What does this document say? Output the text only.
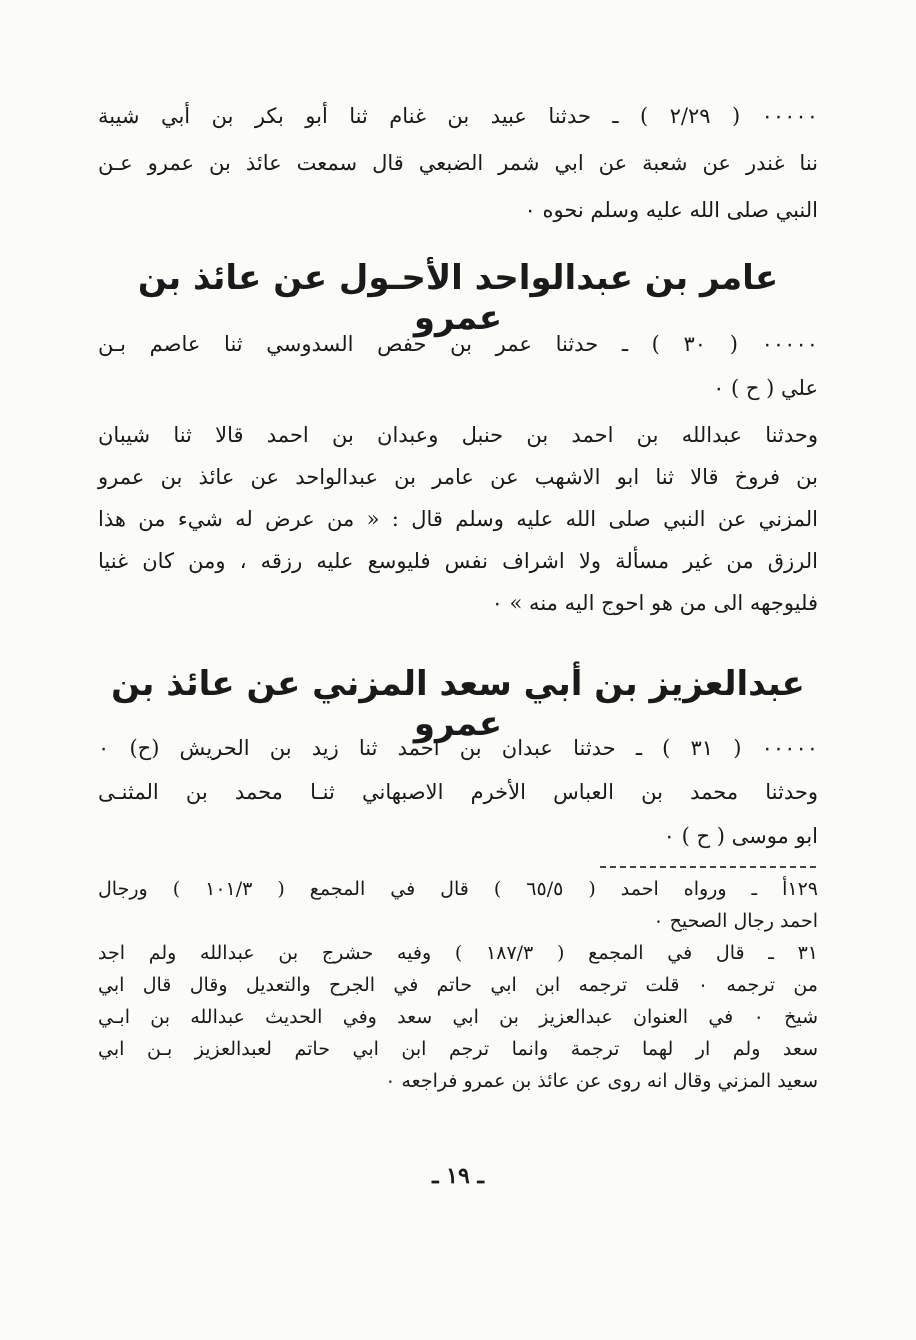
٠٠٠٠٠ ( ٢/٢٩ ) ـ حدثنا عبيد بن غنام ثنا أبو بكر بن أبي شيبة
ننا غندر عن شعبة عن ابي شمر الضبعي قال سمعت عائذ بن عمرو عـن
النبي صلى الله عليه وسلم نحوه ٠
عامر بن عبدالواحد الأحـول عن عائذ بن عمرو
٠٠٠٠٠ ( ٣٠ ) ـ حدثنا عمر بن حفص السدوسي ثنا عاصم بـن
علي ( ح ) ٠
وحدثنا عبدالله بن احمد بن حنبل وعبدان بن احمد قالا ثنا شيبان
بن فروخ قالا ثنا ابو الاشهب عن عامر بن عبدالواحد عن عائذ بن عمرو
المزني عن النبي صلى الله عليه وسلم قال : « من عرض له شيء من هذا
الرزق من غير مسألة ولا اشراف نفس فليوسع عليه رزقه ، ومن كان غنيا
فليوجهه الى من هو احوج اليه منه » ٠
عبدالعزيز بن أبي سعد المزني عن عائذ بن عمرو
٠٠٠٠٠ ( ٣١ ) ـ حدثنا عبدان بن احمد ثنا زيد بن الحريش (ح) ٠
وحدثنا محمد بن العباس الأخرم الاصبهاني ثنـا محمد بن المثنـى
ابو موسى ( ح ) ٠
١٢٩أ ـ ورواه احمد ( ٦٥/٥ ) قال في المجمع ( ١٠١/٣ ) ورجال
احمد رجال الصحيح ٠
٣١ ـ قال في المجمع ( ١٨٧/٣ ) وفيه حشرج بن عبدالله ولم اجد
من ترجمه ٠ قلت ترجمه ابن ابي حاتم في الجرح والتعديل وقال قال ابي
شيخ ٠ في العنوان عبدالعزيز بن ابي سعد وفي الحديث عبدالله بن ابـي
سعد ولم ار لهما ترجمة وانما ترجم ابن ابي حاتم لعبدالعزيز بـن ابي
سعيد المزني وقال انه روى عن عائذ بن عمرو فراجعه ٠
ـ ١٩ ـ
